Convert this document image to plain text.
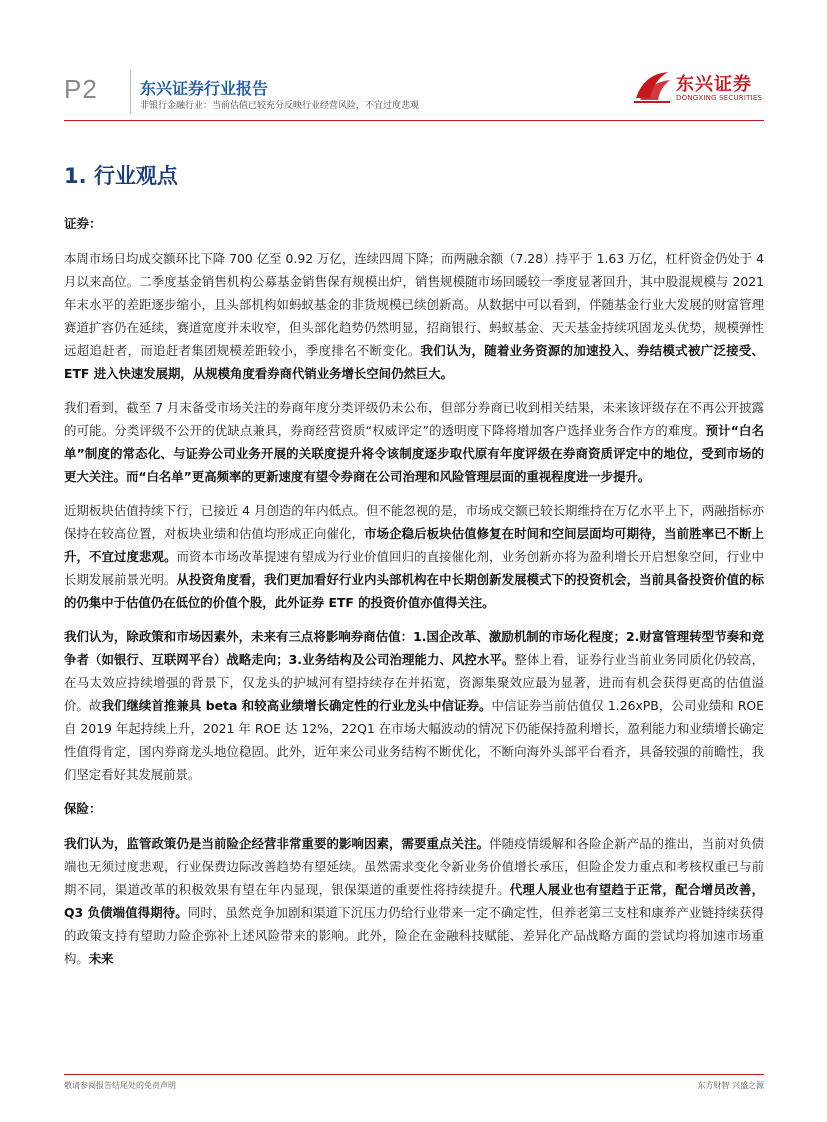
P2	东兴证券行业报告
非银行金融行业：当前估值已较充分反映行业经营风险，不宜过度悲观
东兴证券
DONGXING SECURITIES
1. 行业观点
证券：

本周市场日均成交额环比下降 700 亿至 0.92 万亿，连续四周下降；而两融余额（7.28）持平于 1.63 万亿，杠杆资金仍处于 4 月以来高位。二季度基金销售机构公募基金销售保有规模出炉，销售规模随市场回暖较一季度显著回升，其中股混规模与 2021 年末水平的差距逐步缩小，且头部机构如蚂蚁基金的非货规模已续创新高。从数据中可以看到，伴随基金行业大发展的财富管理赛道扩容仍在延续，赛道宽度并未收窄，但头部化趋势仍然明显，招商银行、蚂蚁基金、天天基金持续巩固龙头优势，规模弹性远超追赶者，而追赶者集团规模差距较小，季度排名不断变化。我们认为，随着业务资源的加速投入、券结模式被广泛接受、ETF 进入快速发展期，从规模角度看券商代销业务增长空间仍然巨大。

我们看到，截至 7 月末备受市场关注的券商年度分类评级仍未公布，但部分券商已收到相关结果，未来该评级存在不再公开披露的可能。分类评级不公开的优缺点兼具，券商经营资质“权威评定”的透明度下降将增加客户选择业务合作方的难度。预计“白名单”制度的常态化、与证券公司业务开展的关联度提升将令该制度逐步取代原有年度评级在券商资质评定中的地位，受到市场的更大关注。而“白名单”更高频率的更新速度有望令券商在公司治理和风险管理层面的重视程度进一步提升。

近期板块估值持续下行，已接近 4 月创造的年内低点。但不能忽视的是，市场成交额已较长期维持在万亿水平上下，两融指标亦保持在较高位置，对板块业绩和估值均形成正向催化，市场企稳后板块估值修复在时间和空间层面均可期待，当前胜率已不断上升，不宜过度悲观。而资本市场改革提速有望成为行业价值回归的直接催化剂，业务创新亦将为盈利增长开启想象空间，行业中长期发展前景光明。从投资角度看，我们更加看好行业内头部机构在中长期创新发展模式下的投资机会，当前具备投资价值的标的仍集中于估值仍在低位的价值个股，此外证券 ETF 的投资价值亦值得关注。

我们认为，除政策和市场因素外，未来有三点将影响券商估值：1.国企改革、激励机制的市场化程度；2.财富管理转型节奏和竞争者（如银行、互联网平台）战略走向；3.业务结构及公司治理能力、风控水平。整体上看，证券行业当前业务同质化仍较高，在马太效应持续增强的背景下，仅龙头的护城河有望持续存在并拓宽，资源集聚效应最为显著，进而有机会获得更高的估值溢价。故我们继续首推兼具 beta 和较高业绩增长确定性的行业龙头中信证券。中信证券当前估值仅 1.26xPB，公司业绩和 ROE 自 2019 年起持续上升，2021 年 ROE 达 12%，22Q1 在市场大幅波动的情况下仍能保持盈利增长，盈利能力和业绩增长确定性值得肯定，国内券商龙头地位稳固。此外，近年来公司业务结构不断优化，不断向海外头部平台看齐，具备较强的前瞻性，我们坚定看好其发展前景。

保险：

我们认为，监管政策仍是当前险企经营非常重要的影响因素，需要重点关注。伴随疫情缓解和各险企新产品的推出，当前对负债端也无须过度悲观，行业保费边际改善趋势有望延续。虽然需求变化令新业务价值增长承压，但险企发力重点和考核权重已与前期不同，渠道改革的积极效果有望在年内显现，银保渠道的重要性将持续提升。代理人展业也有望趋于正常，配合增员改善，Q3 负债端值得期待。同时，虽然竞争加剧和渠道下沉压力仍给行业带来一定不确定性，但养老第三支柱和康养产业链持续获得的政策支持有望助力险企弥补上述风险带来的影响。此外，险企在金融科技赋能、差异化产品战略方面的尝试均将加速市场重构。未来

敬请参阅报告结尾处的免责声明	东方财智 兴盛之源
